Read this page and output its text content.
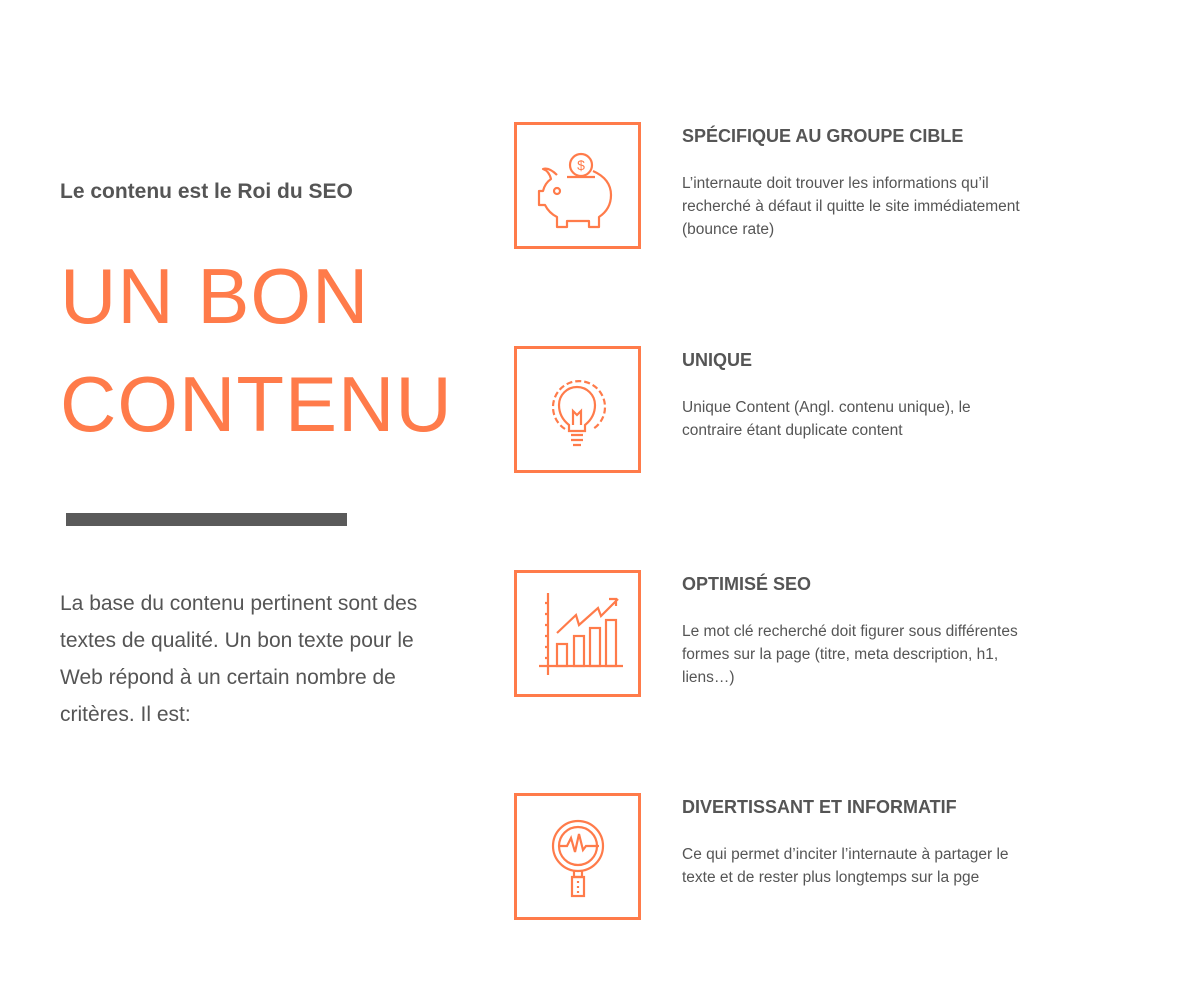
Le contenu est le Roi du SEO
UN BON
CONTENU
La base du contenu pertinent sont des textes de qualité. Un bon texte pour le Web répond à un certain nombre de critères. Il est:
$
SPÉCIFIQUE AU GROUPE CIBLE
L’internaute doit trouver les informations qu’il recherché à défaut il quitte le site immédiatement (bounce rate)
UNIQUE
Unique Content (Angl. contenu unique), le contraire étant duplicate content
OPTIMISÉ SEO
Le mot clé recherché doit figurer sous différentes formes sur la page (titre, meta description, h1, liens…)
DIVERTISSANT ET INFORMATIF
Ce qui permet d’inciter l’internaute à partager le texte et de rester plus longtemps sur la pge
